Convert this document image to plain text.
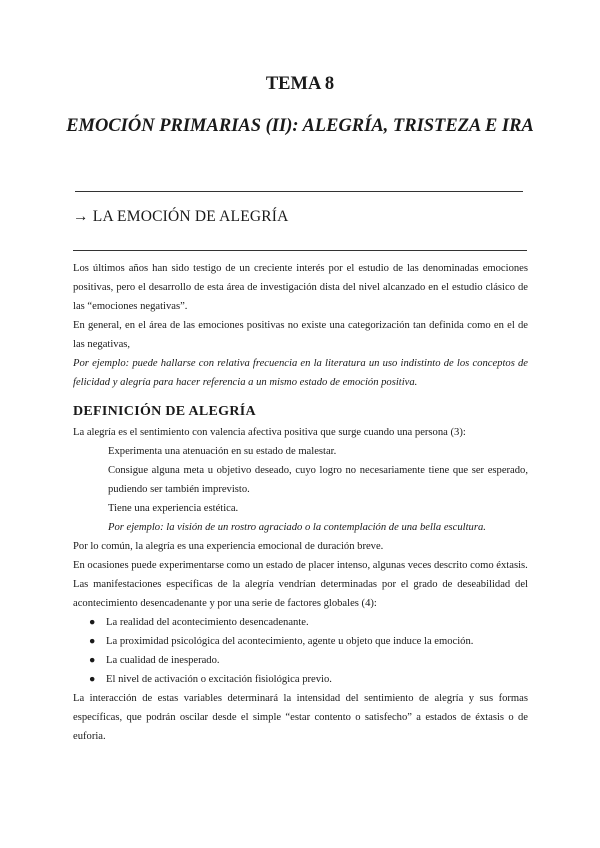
TEMA 8
EMOCIÓN PRIMARIAS (II): ALEGRÍA, TRISTEZA E IRA
→ LA EMOCIÓN DE ALEGRÍA

Los últimos años han sido testigo de un creciente interés por el estudio de las denominadas emociones positivas, pero el desarrollo de esta área de investigación dista del nivel alcanzado en el estudio clásico de las “emociones negativas”.

En general, en el área de las emociones positivas no existe una categorización tan definida como en el de las negativas,

Por ejemplo: puede hallarse con relativa frecuencia en la literatura un uso indistinto de los conceptos de felicidad y alegría para hacer referencia a un mismo estado de emoción positiva.

DEFINICIÓN DE ALEGRÍA

La alegría es el sentimiento con valencia afectiva positiva que surge cuando una persona (3):

Experimenta una atenuación en su estado de malestar.

Consigue alguna meta u objetivo deseado, cuyo logro no necesariamente tiene que ser esperado, pudiendo ser también imprevisto.

Tiene una experiencia estética.

Por ejemplo: la visión de un rostro agraciado o la contemplación de una bella escultura.

Por lo común, la alegría es una experiencia emocional de duración breve.

En ocasiones puede experimentarse como un estado de placer intenso, algunas veces descrito como éxtasis.

Las manifestaciones específicas de la alegría vendrían determinadas por el grado de deseabilidad del acontecimiento desencadenante y por una serie de factores globales (4):

● La realidad del acontecimiento desencadenante.
● La proximidad psicológica del acontecimiento, agente u objeto que induce la emoción.
● La cualidad de inesperado.
● El nivel de activación o excitación fisiológica previo.

La interacción de estas variables determinará la intensidad del sentimiento de alegría y sus formas específicas, que podrán oscilar desde el simple “estar contento o satisfecho” a estados de éxtasis o de euforia.
